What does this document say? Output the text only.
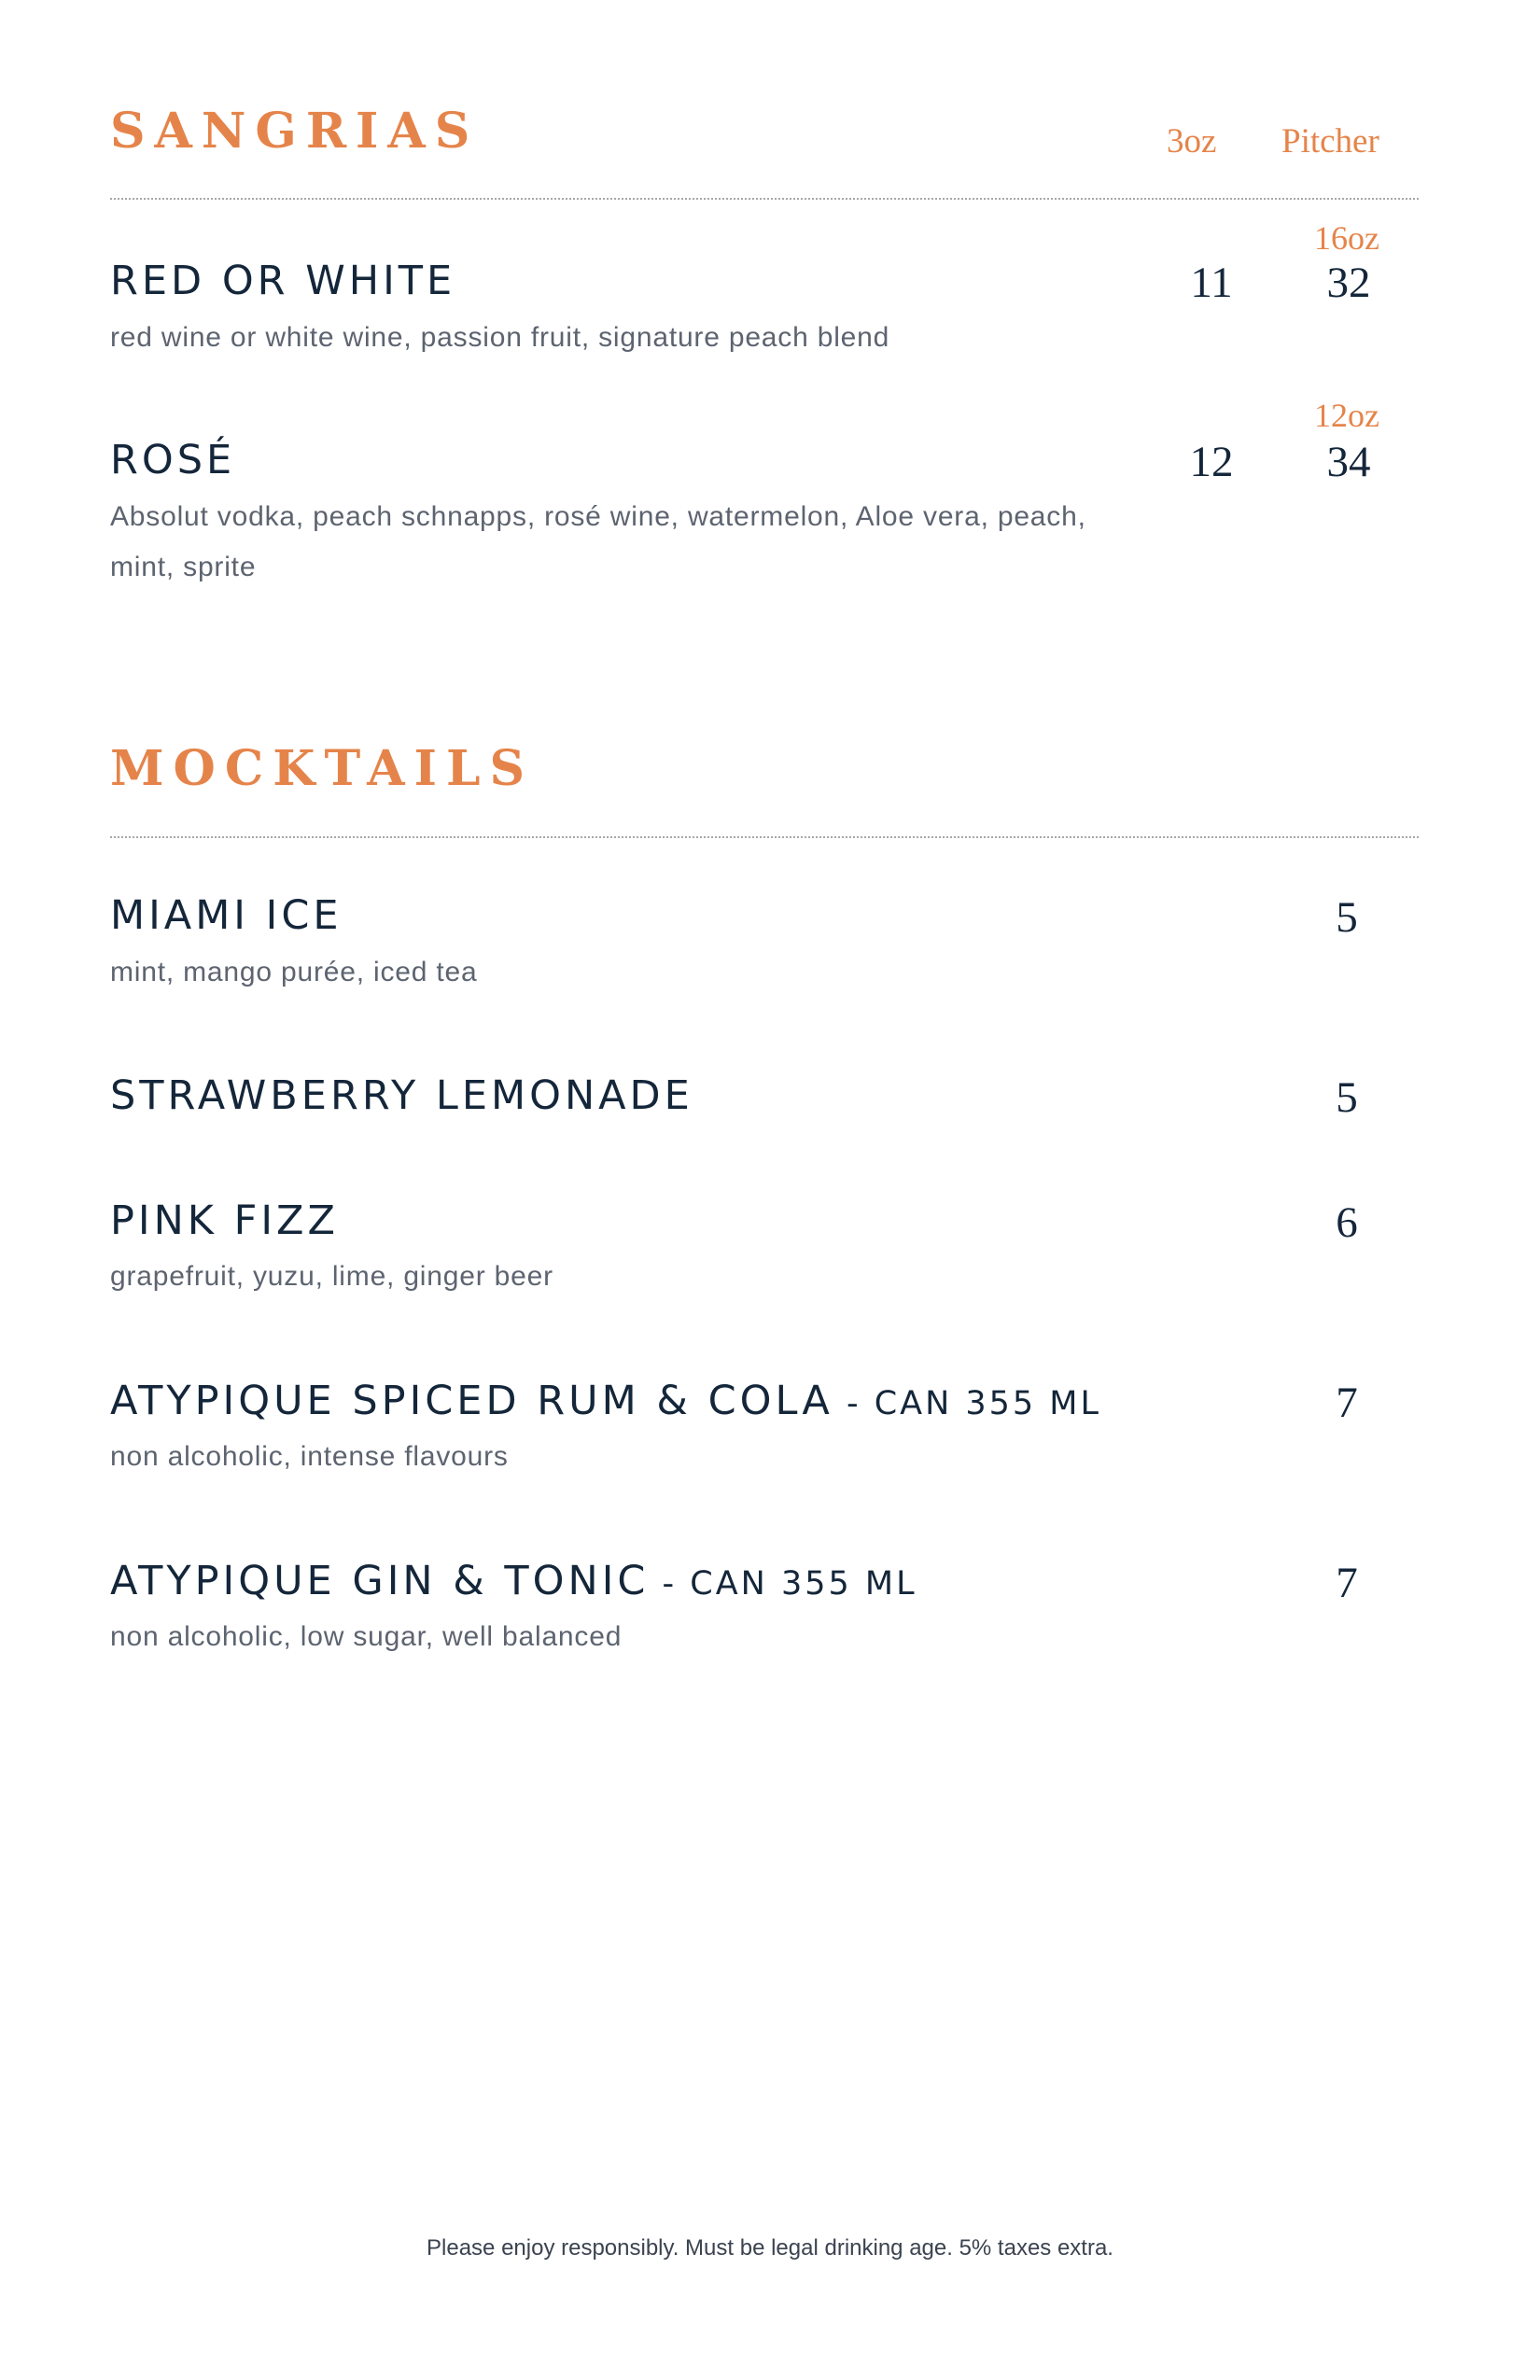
SANGRIAS	3oz Pitcher
RED OR WHITE
red wine or white wine, passion fruit, signature peach blend
11
16oz
32
ROSÉ
Absolut vodka, peach schnapps, rosé wine, watermelon, Aloe vera, peach, mint, sprite
12
12oz
34
MOCKTAILS
MIAMI ICE
mint, mango purée, iced tea
5
STRAWBERRY LEMONADE	5
PINK FIZZ
grapefruit, yuzu, lime, ginger beer
6
ATYPIQUE SPICED RUM & COLA - CAN 355 ML
non alcoholic, intense flavours
7
ATYPIQUE GIN & TONIC - CAN 355 ML
non alcoholic, low sugar, well balanced
7
Please enjoy responsibly. Must be legal drinking age. 5% taxes extra.
